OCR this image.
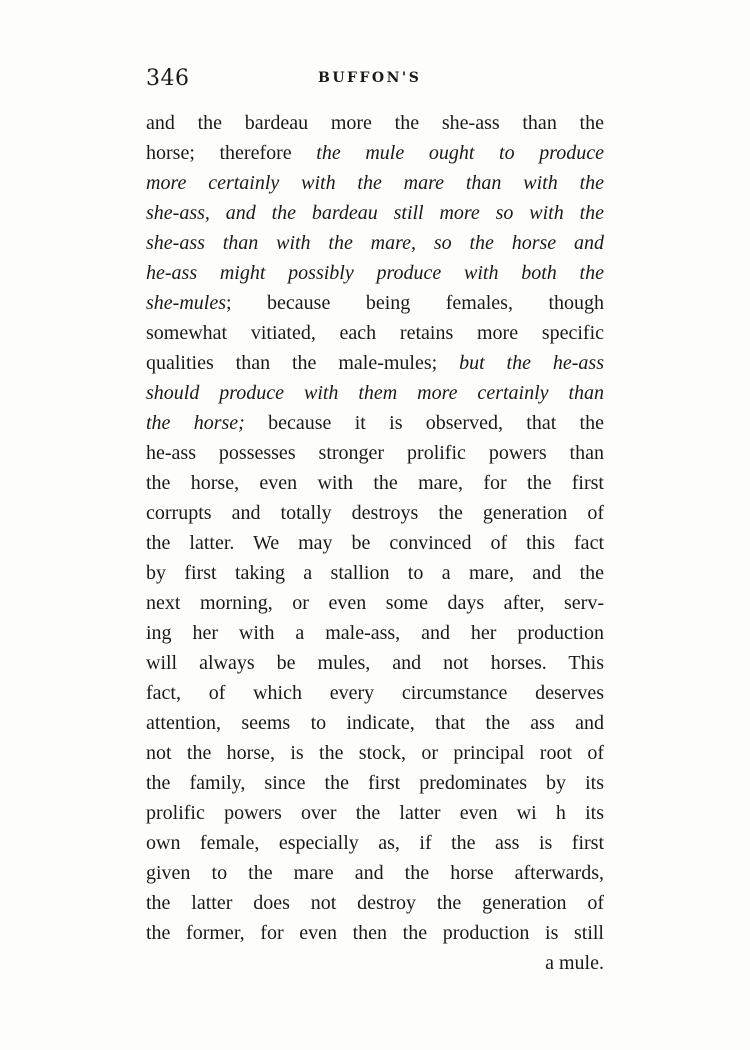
346	BUFFON'S
and the bardeau more the she-ass than the
horse; therefore the mule ought to produce
more certainly with the mare than with the
she-ass, and the bardeau still more so with the
she-ass than with the mare, so the horse and
he-ass might possibly produce with both the
she-mules; because being females, though
somewhat vitiated, each retains more specific
qualities than the male-mules; but the he-ass
should produce with them more certainly than
the horse; because it is observed, that the
he-ass possesses stronger prolific powers than
the horse, even with the mare, for the first
corrupts and totally destroys the generation of
the latter. We may be convinced of this fact
by first taking a stallion to a mare, and the
next morning, or even some days after, serv-
ing her with a male-ass, and her production
will always be mules, and not horses. This
fact, of which every circumstance deserves
attention, seems to indicate, that the ass and
not the horse, is the stock, or principal root of
the family, since the first predominates by its
prolific powers over the latter even wi h its
own female, especially as, if the ass is first
given to the mare and the horse afterwards,
the latter does not destroy the generation of
the former, for even then the production is still
a mule.
